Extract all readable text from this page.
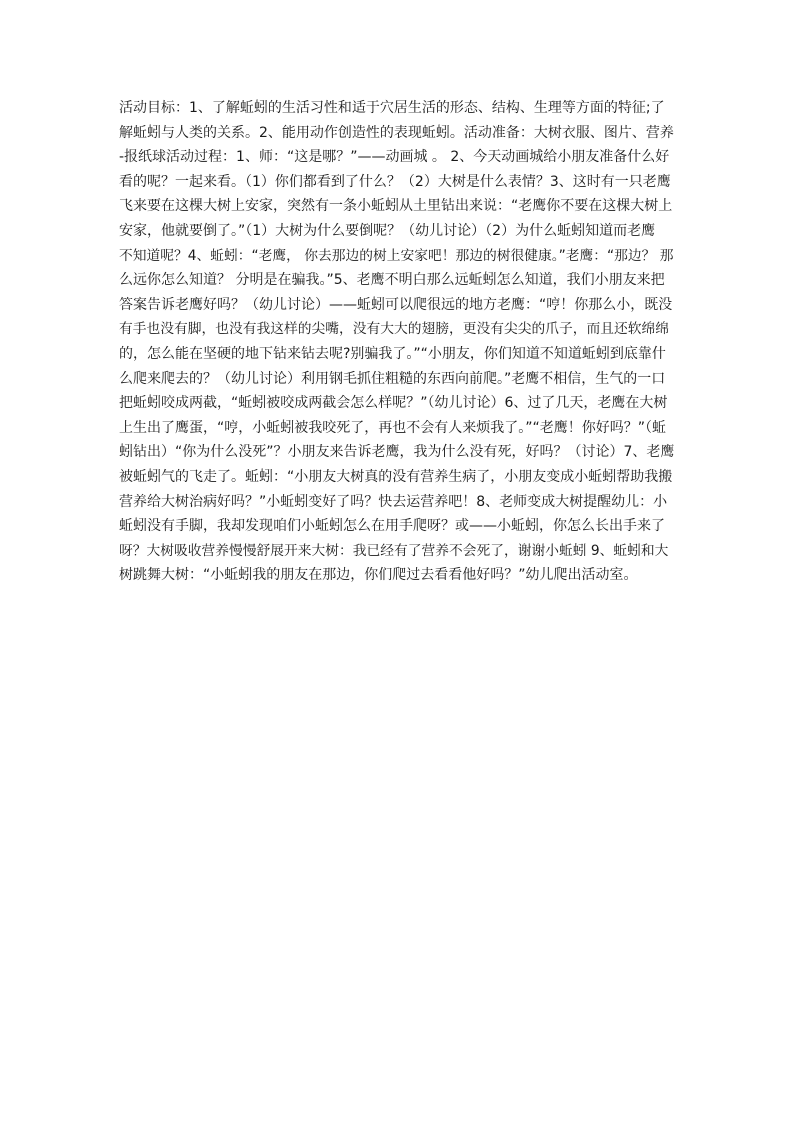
活动目标：1、了解蚯蚓的生活习性和适于穴居生活的形态、结构、生理等方面的特征;了
解蚯蚓与人类的关系。2、能用动作创造性的表现蚯蚓。活动准备：大树衣服、图片、营养
-报纸球活动过程：1、师：“这是哪？”——动画城 。 2、今天动画城给小朋友准备什么好
看的呢？一起来看。（1）你们都看到了什么？（2）大树是什么表情？3、这时有一只老鹰
飞来要在这棵大树上安家，突然有一条小蚯蚓从土里钻出来说：“老鹰你不要在这棵大树上
安家，他就要倒了。”（1）大树为什么要倒呢？（幼儿讨论）（2）为什么蚯蚓知道而老鹰
不知道呢？4、蚯蚓：“老鹰， 你去那边的树上安家吧！那边的树很健康。”老鹰：“那边？ 那
么远你怎么知道？ 分明是在骗我。”5、老鹰不明白那么远蚯蚓怎么知道，我们小朋友来把
答案告诉老鹰好吗？（幼儿讨论）——蚯蚓可以爬很远的地方老鹰：“哼！你那么小，既没
有手也没有脚，也没有我这样的尖嘴，没有大大的翅膀，更没有尖尖的爪子，而且还软绵绵
的，怎么能在坚硬的地下钻来钻去呢?别骗我了。”“小朋友，你们知道不知道蚯蚓到底靠什
么爬来爬去的？（幼儿讨论）利用钢毛抓住粗糙的东西向前爬。”老鹰不相信，生气的一口
把蚯蚓咬成两截，“蚯蚓被咬成两截会怎么样呢？”（幼儿讨论）6、过了几天，老鹰在大树
上生出了鹰蛋，“哼，小蚯蚓被我咬死了，再也不会有人来烦我了。”“老鹰！你好吗？”（蚯
蚓钻出）“你为什么没死”？小朋友来告诉老鹰，我为什么没有死，好吗？（讨论）7、老鹰
被蚯蚓气的飞走了。蚯蚓：“小朋友大树真的没有营养生病了，小朋友变成小蚯蚓帮助我搬
营养给大树治病好吗？”小蚯蚓变好了吗？快去运营养吧！8、老师变成大树提醒幼儿：小
蚯蚓没有手脚，我却发现咱们小蚯蚓怎么在用手爬呀？或——小蚯蚓，你怎么长出手来了
呀？大树吸收营养慢慢舒展开来大树：我已经有了营养不会死了，谢谢小蚯蚓 9、蚯蚓和大
树跳舞大树：“小蚯蚓我的朋友在那边，你们爬过去看看他好吗？”幼儿爬出活动室。
